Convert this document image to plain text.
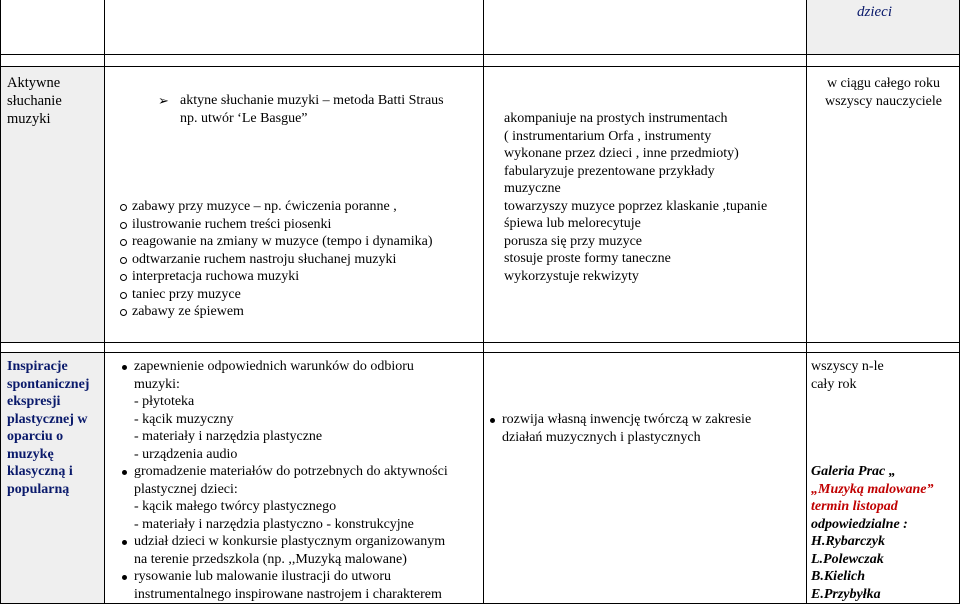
dzieci
Aktywne słuchanie muzyki
➢ aktyne słuchanie muzyki – metoda Batti Straus
np. utwór ‘Le Basgue”
zabawy przy muzyce – np. ćwiczenia poranne ,
ilustrowanie ruchem treści piosenki
reagowanie na zmiany w muzyce (tempo i dynamika)
odtwarzanie ruchem nastroju słuchanej muzyki
interpretacja ruchowa muzyki
taniec przy muzyce
zabawy ze śpiewem
akompaniuje na prostych instrumentach
( instrumentarium Orfa , instrumenty
wykonane przez dzieci , inne przedmioty)
fabularyzuje prezentowane przykłady
muzyczne
towarzyszy muzyce poprzez klaskanie ,tupanie
śpiewa lub melorecytuje
porusza się przy muzyce
stosuje proste formy taneczne
wykorzystuje rekwizyty
w ciągu całego roku
wszyscy nauczyciele
Inspiracje
spontanicznej
ekspresji
plastycznej w
oparciu o
muzykę
klasyczną i
popularną
zapewnienie odpowiednich warunków do odbioru
muzyki:
- płytoteka
- kącik muzyczny
- materiały i narzędzia plastyczne
- urządzenia audio
gromadzenie materiałów do potrzebnych do aktywności
plastycznej dzieci:
- kącik małego twórcy plastycznego
- materiały i narzędzia plastyczno - konstrukcyjne
udział dzieci w konkursie plastycznym organizowanym
na terenie przedszkola (np. ,,Muzyką malowane)
rysowanie lub malowanie ilustracji do utworu
instrumentalnego inspirowane nastrojem i charakterem
rozwija własną inwencję twórczą w zakresie
działań muzycznych i plastycznych
wszyscy n-le
cały rok
Galeria Prac „
„Muzyką malowane”
termin listopad
odpowiedzialne :
H.Rybarczyk
L.Polewczak
B.Kielich
E.Przybyłka
